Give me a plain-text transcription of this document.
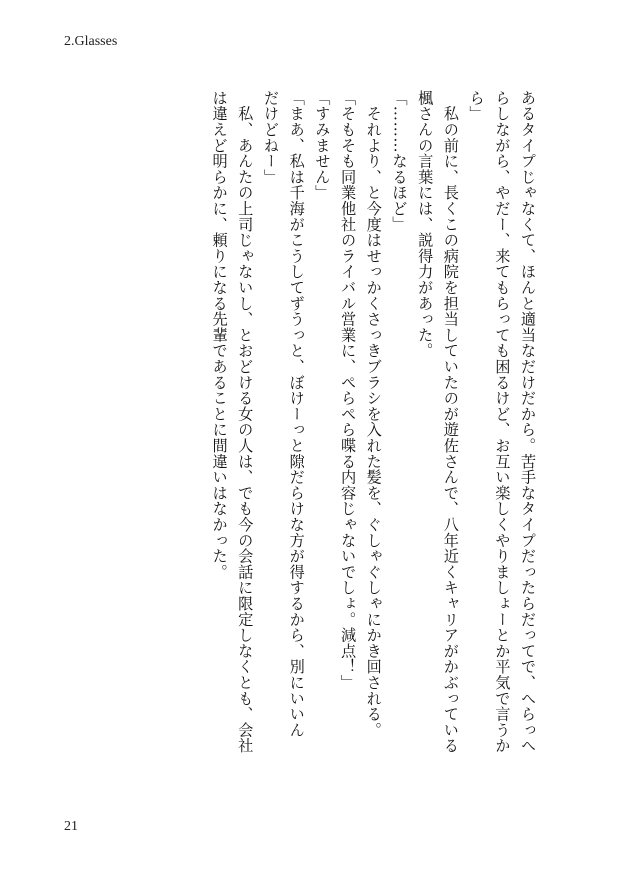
2.Glasses
あるタイプじゃなくて、ほんと適当なだけだから。苦手なタイプだったらだってで、へらっへ
らしながら、やだー、来てもらっても困るけど、お互い楽しくやりましょーとか平気で言うか
ら」
　私の前に、長くこの病院を担当していたのが遊佐さんで、八年近くキャリアがかぶっている
楓さんの言葉には、説得力があった。
「………なるほど」
　それより、と今度はせっかくさっきブラシを入れた髪を、ぐしゃぐしゃにかき回される。
「そもそも同業他社のライバル営業に、ぺらぺら喋る内容じゃないでしょ。減点！」
「すみません」
「まあ、私は千海がこうしてずうっと、ぼけーっと隙だらけな方が得するから、別にいいん
だけどねー」
　私、あんたの上司じゃないし、とおどける女の人は、でも今の会話に限定しなくとも、会社
は違えど明らかに、頼りになる先輩であることに間違いはなかった。
21
